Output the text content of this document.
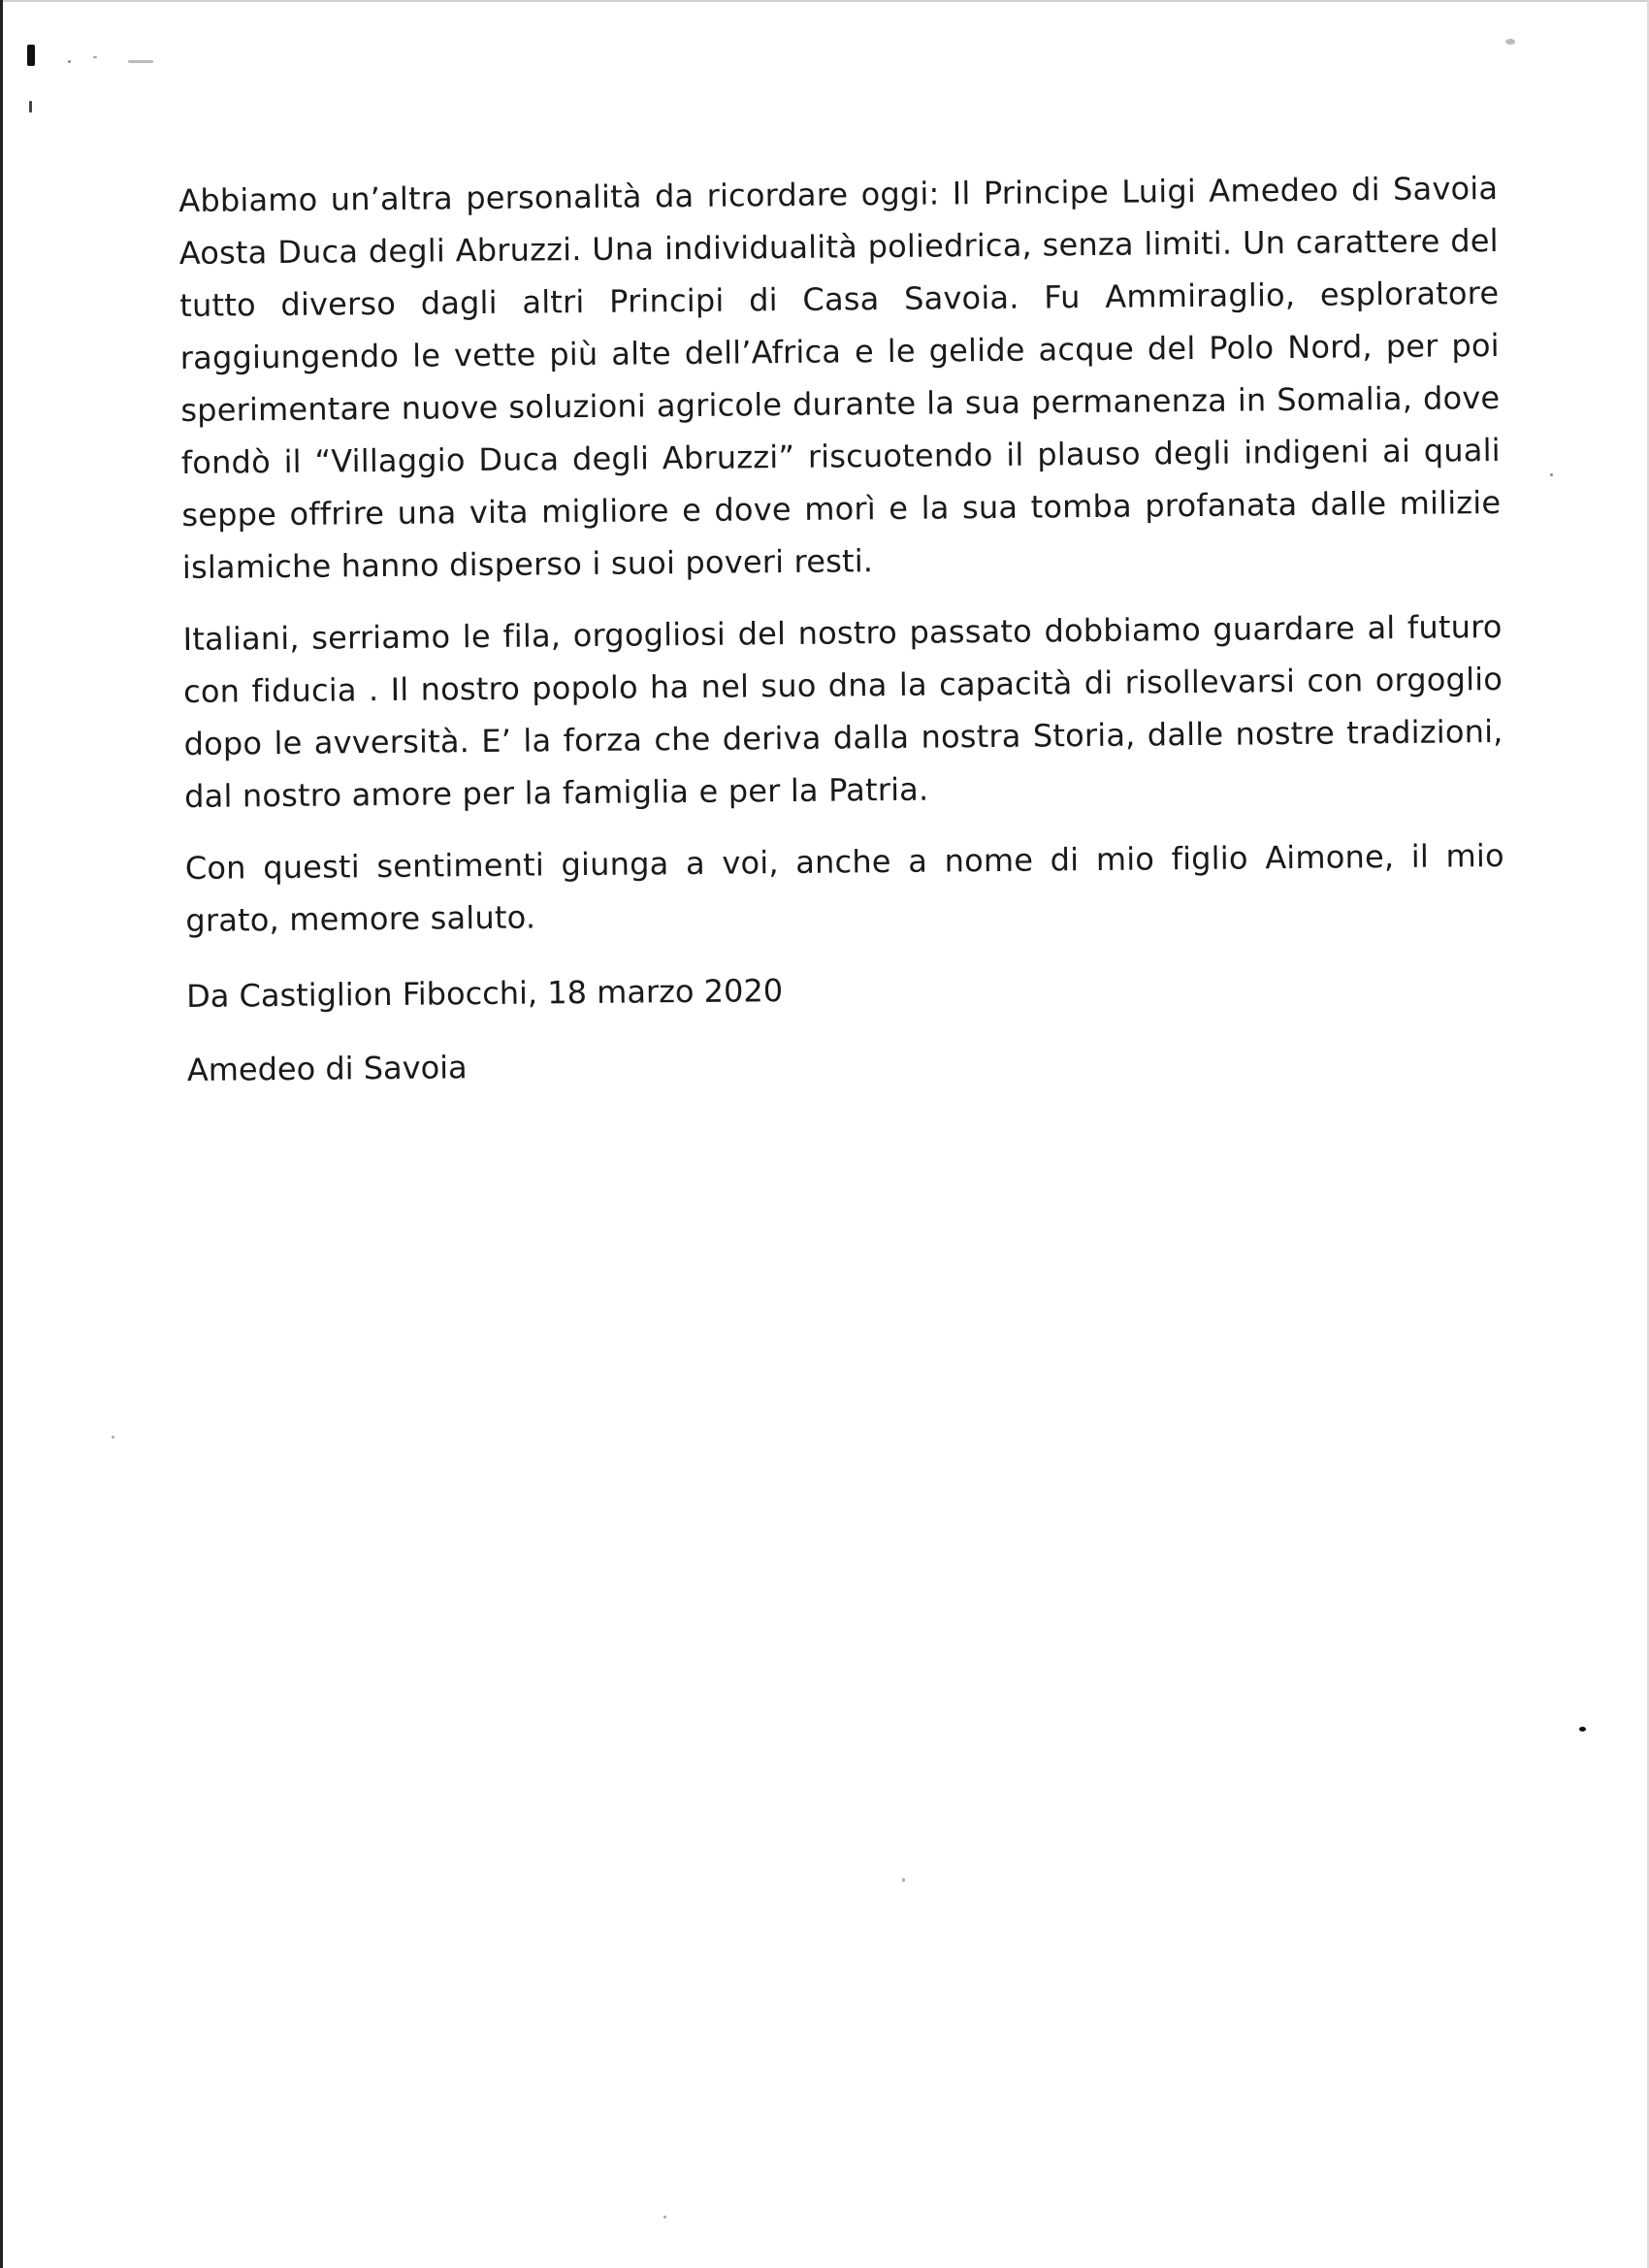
Abbiamo un’altra personalità da ricordare oggi: Il Principe Luigi Amedeo di Savoia Aosta Duca degli Abruzzi. Una individualità poliedrica, senza limiti. Un carattere del tutto diverso dagli altri Principi di Casa Savoia. Fu Ammiraglio, esploratore raggiungendo le vette più alte dell’Africa e le gelide acque del Polo Nord, per poi sperimentare nuove soluzioni agricole durante la sua permanenza in Somalia, dove fondò il “Villaggio Duca degli Abruzzi” riscuotendo il plauso degli indigeni ai quali seppe offrire una vita migliore e dove morì e la sua tomba profanata dalle milizie islamiche hanno disperso i suoi poveri resti.

Italiani, serriamo le fila, orgogliosi del nostro passato dobbiamo guardare al futuro con fiducia . Il nostro popolo ha nel suo dna la capacità di risollevarsi con orgoglio dopo le avversità. E’ la forza che deriva dalla nostra Storia, dalle nostre tradizioni, dal nostro amore per la famiglia e per la Patria.

Con questi sentimenti giunga a voi, anche a nome di mio figlio Aimone, il mio grato, memore saluto.

Da Castiglion Fibocchi, 18 marzo 2020

Amedeo di Savoia
